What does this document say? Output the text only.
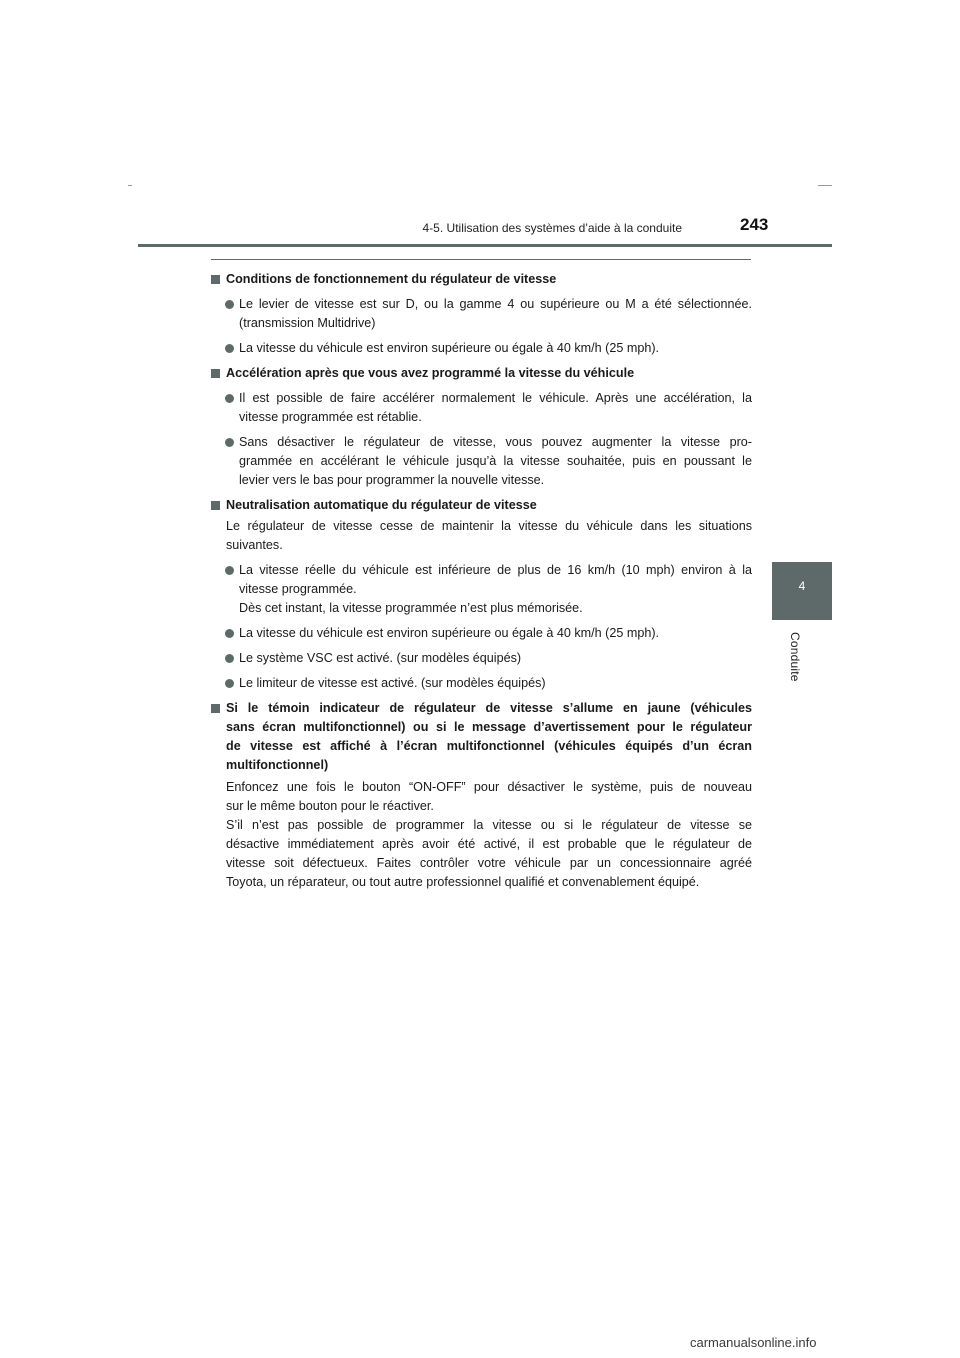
4-5. Utilisation des systèmes d’aide à la conduite	243
4
Conduite
Conditions de fonctionnement du régulateur de vitesse
Le levier de vitesse est sur D, ou la gamme 4 ou supérieure ou M a été sélectionnée.
(transmission Multidrive)
La vitesse du véhicule est environ supérieure ou égale à 40 km/h (25 mph).
Accélération après que vous avez programmé la vitesse du véhicule
Il est possible de faire accélérer normalement le véhicule. Après une accélération, la
vitesse programmée est rétablie.
Sans désactiver le régulateur de vitesse, vous pouvez augmenter la vitesse pro-
grammée en accélérant le véhicule jusqu’à la vitesse souhaitée, puis en poussant le
levier vers le bas pour programmer la nouvelle vitesse.
Neutralisation automatique du régulateur de vitesse
Le régulateur de vitesse cesse de maintenir la vitesse du véhicule dans les situations
suivantes.
La vitesse réelle du véhicule est inférieure de plus de 16 km/h (10 mph) environ à la
vitesse programmée.
Dès cet instant, la vitesse programmée n’est plus mémorisée.
La vitesse du véhicule est environ supérieure ou égale à 40 km/h (25 mph).
Le système VSC est activé. (sur modèles équipés)
Le limiteur de vitesse est activé. (sur modèles équipés)
Si le témoin indicateur de régulateur de vitesse s’allume en jaune (véhicules
sans écran multifonctionnel) ou si le message d’avertissement pour le régulateur
de vitesse est affiché à l’écran multifonctionnel (véhicules équipés d’un écran
multifonctionnel)
Enfoncez une fois le bouton “ON-OFF” pour désactiver le système, puis de nouveau
sur le même bouton pour le réactiver.
S’il n’est pas possible de programmer la vitesse ou si le régulateur de vitesse se
désactive immédiatement après avoir été activé, il est probable que le régulateur de
vitesse soit défectueux. Faites contrôler votre véhicule par un concessionnaire agréé
Toyota, un réparateur, ou tout autre professionnel qualifié et convenablement équipé.
carmanualsonline.info
